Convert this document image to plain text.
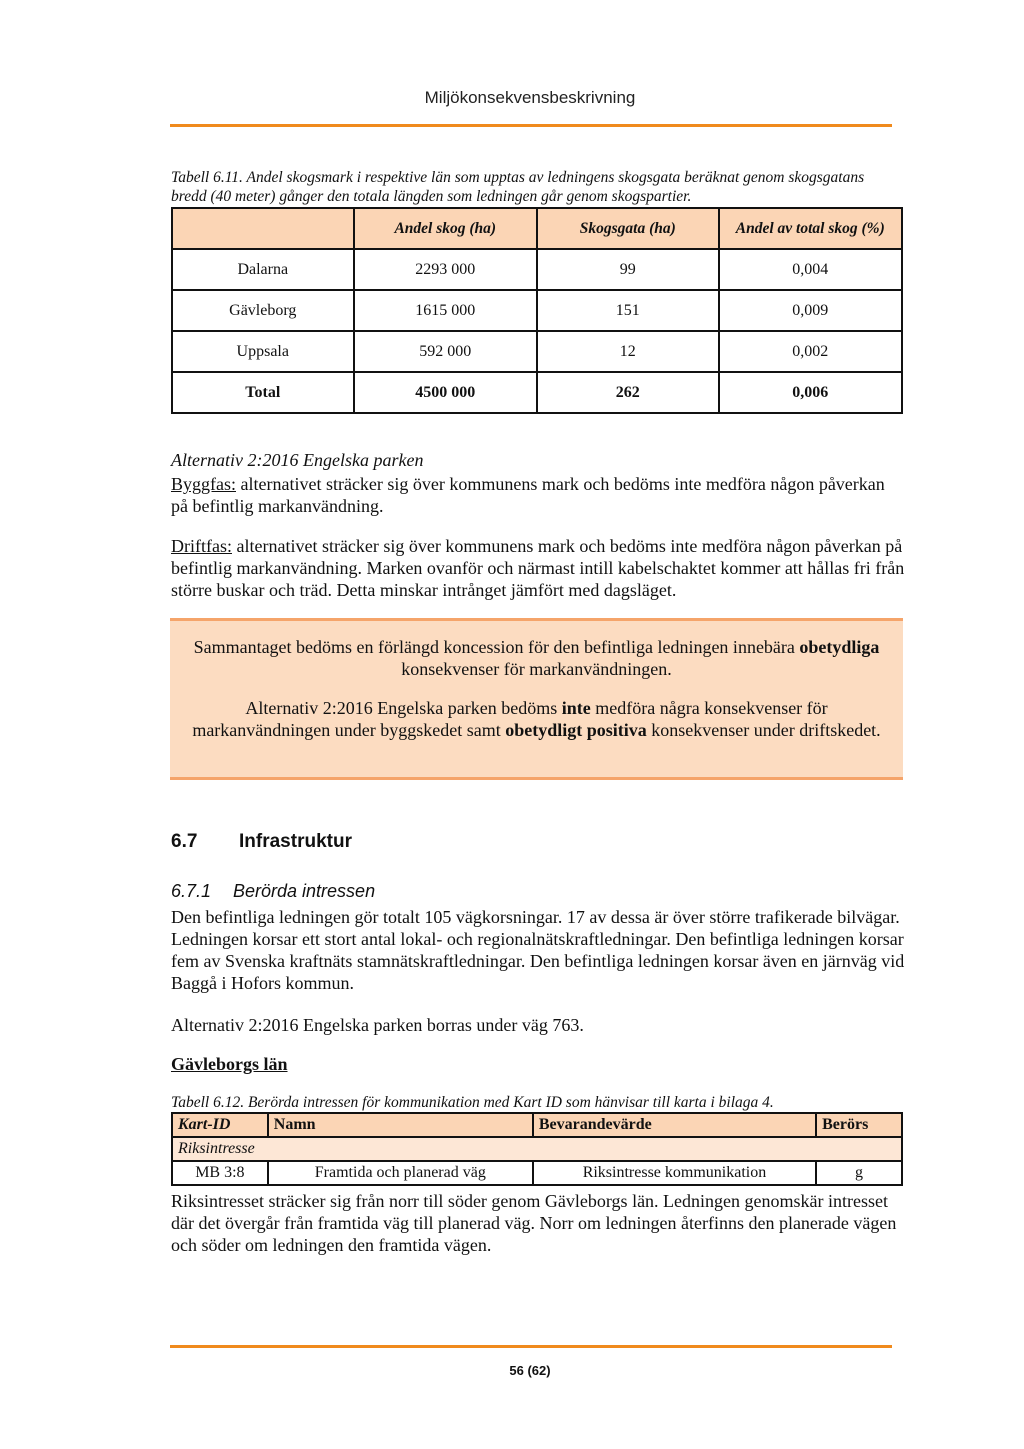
Miljökonsekvensbeskrivning
Tabell 6.11. Andel skogsmark i respektive län som upptas av ledningens skogsgata beräknat genom skogsgatans bredd (40 meter) gånger den totala längden som ledningen går genom skogspartier.
	Andel skog (ha)	Skogsgata (ha)	Andel av total skog (%)
Dalarna	2293 000	99	0,004
Gävleborg	1615 000	151	0,009
Uppsala	592 000	12	0,002
Total	4500 000	262	0,006
Alternativ 2:2016 Engelska parken
Byggfas: alternativet sträcker sig över kommunens mark och bedöms inte medföra någon påverkan på befintlig markanvändning.
Driftfas: alternativet sträcker sig över kommunens mark och bedöms inte medföra någon påverkan på befintlig markanvändning. Marken ovanför och närmast intill kabelschaktet kommer att hållas fri från större buskar och träd. Detta minskar intrånget jämfört med dagsläget.
Sammantaget bedöms en förlängd koncession för den befintliga ledningen innebära obetydliga konsekvenser för markanvändningen.
Alternativ 2:2016 Engelska parken bedöms inte medföra några konsekvenser för markanvändningen under byggskedet samt obetydligt positiva konsekvenser under driftskedet.
6.7 Infrastruktur
6.7.1 Berörda intressen
Den befintliga ledningen gör totalt 105 vägkorsningar. 17 av dessa är över större trafikerade bilvägar. Ledningen korsar ett stort antal lokal- och regionalnätskraftledningar. Den befintliga ledningen korsar fem av Svenska kraftnäts stamnätskraftledningar. Den befintliga ledningen korsar även en järnväg vid Baggå i Hofors kommun.
Alternativ 2:2016 Engelska parken borras under väg 763.
Gävleborgs län
Tabell 6.12. Berörda intressen för kommunikation med Kart ID som hänvisar till karta i bilaga 4.
Kart-ID	Namn	Bevarandevärde	Berörs
Riksintresse			
MB 3:8	Framtida och planerad väg	Riksintresse kommunikation	g
Riksintresset sträcker sig från norr till söder genom Gävleborgs län. Ledningen genomskär intresset där det övergår från framtida väg till planerad väg. Norr om ledningen återfinns den planerade vägen och söder om ledningen den framtida vägen.
56 (62)
